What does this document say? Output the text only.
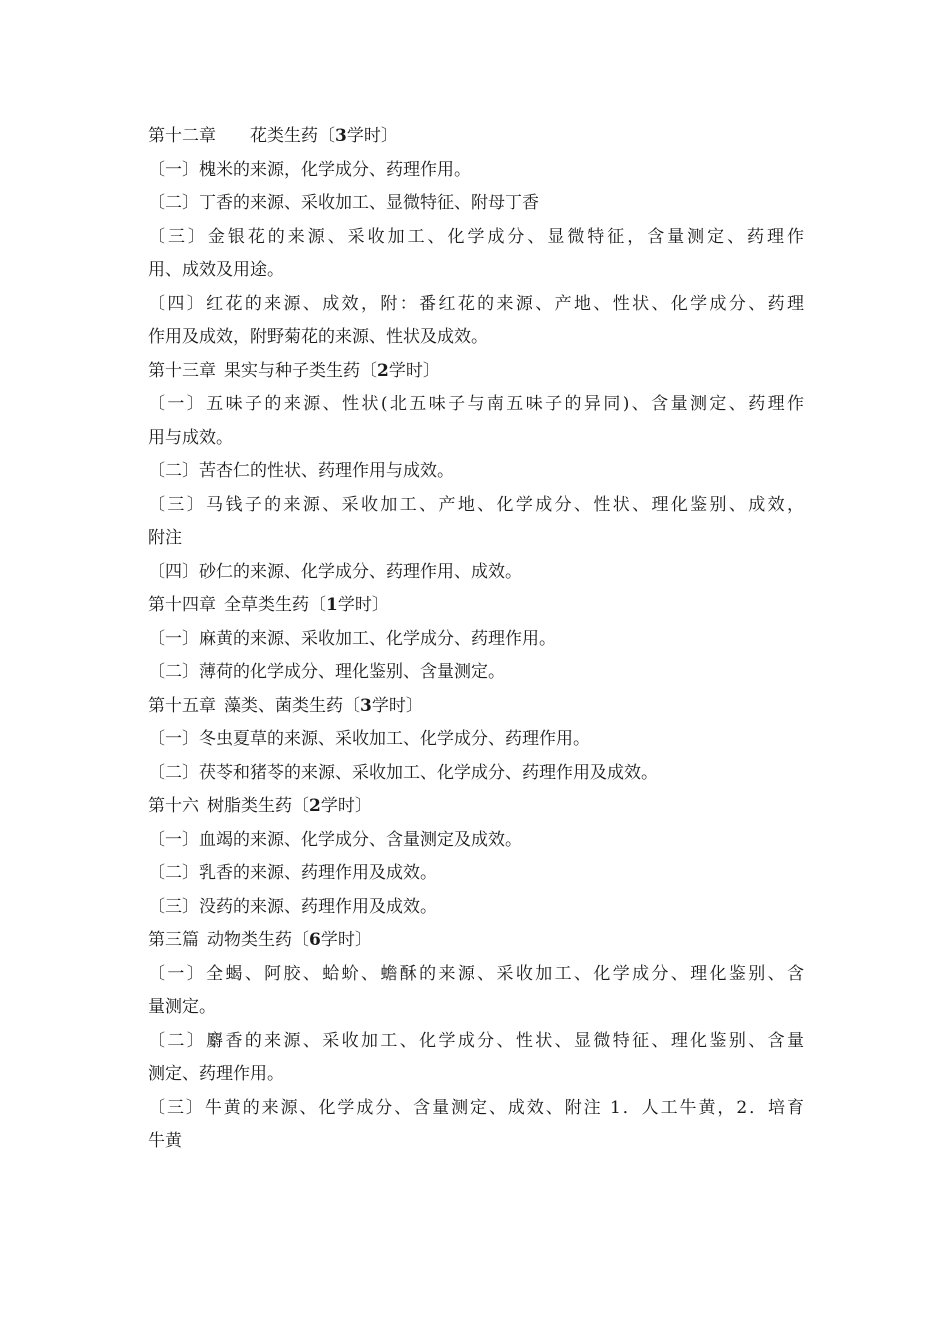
第十二章 花类生药〔3学时〕
〔一〕槐米的来源，化学成分、药理作用。
〔二〕丁香的来源、采收加工、显微特征、附母丁香
〔三〕金银花的来源、采收加工、化学成分、显微特征，含量测定、药理作
用、成效及用途。
〔四〕红花的来源、成效，附：番红花的来源、产地、性状、化学成分、药理
作用及成效，附野菊花的来源、性状及成效。
第十三章 果实与种子类生药〔2学时〕
〔一〕五味子的来源、性状(北五味子与南五味子的异同)、含量测定、药理作
用与成效。
〔二〕苦杏仁的性状、药理作用与成效。
〔三〕马钱子的来源、采收加工、产地、化学成分、性状、理化鉴别、成效，
附注
〔四〕砂仁的来源、化学成分、药理作用、成效。
第十四章 全草类生药〔1学时〕
〔一〕麻黄的来源、采收加工、化学成分、药理作用。
〔二〕薄荷的化学成分、理化鉴别、含量测定。
第十五章 藻类、菌类生药〔3学时〕
〔一〕冬虫夏草的来源、采收加工、化学成分、药理作用。
〔二〕茯苓和猪苓的来源、采收加工、化学成分、药理作用及成效。
第十六 树脂类生药〔2学时〕
〔一〕血竭的来源、化学成分、含量测定及成效。
〔二〕乳香的来源、药理作用及成效。
〔三〕没药的来源、药理作用及成效。
第三篇 动物类生药〔6学时〕
〔一〕全蝎、阿胶、蛤蚧、蟾酥的来源、采收加工、化学成分、理化鉴别、含
量测定。
〔二〕麝香的来源、采收加工、化学成分、性状、显微特征、理化鉴别、含量
测定、药理作用。
〔三〕牛黄的来源、化学成分、含量测定、成效、附注 1．人工牛黄，2．培育
牛黄
